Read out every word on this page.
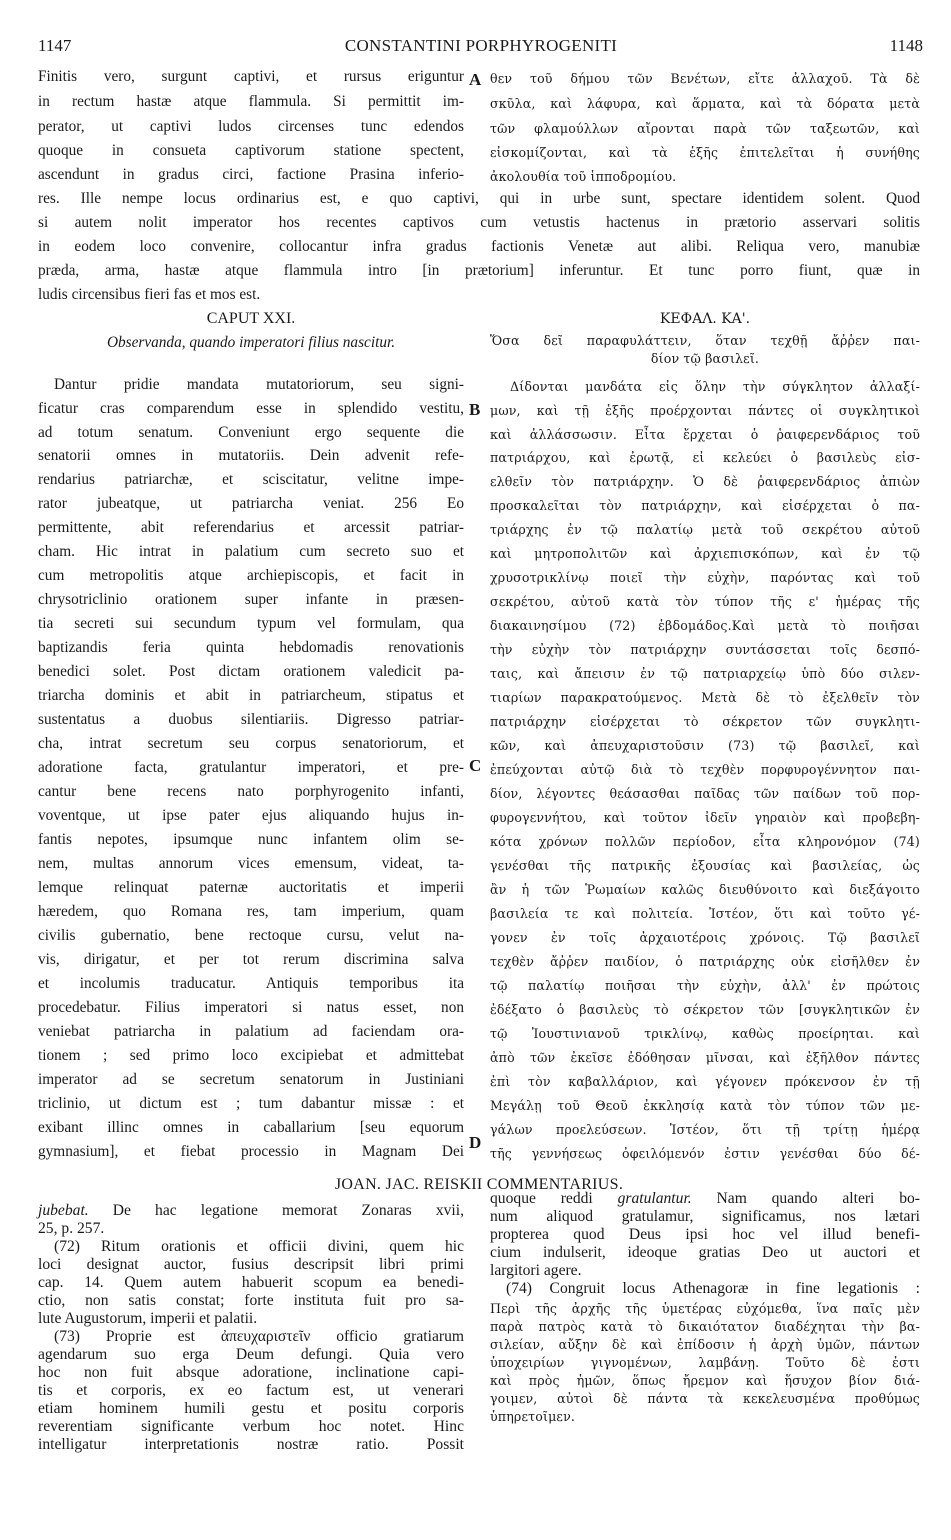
1147	CONSTANTINI PORPHYROGENITI	1148
Finitis vero, surgunt captivi, et rursus eriguntur
in rectum hastæ atque flammula. Si permittit im-
perator, ut captivi ludos circenses tunc edendos
quoque in consueta captivorum statione spectent,
ascendunt in gradus circi, factione Prasina inferio-
θεν τοῦ δήμου τῶν Βενέτων, εἴτε ἀλλαχοῦ. Τὰ δὲ
σκῦλα, καὶ λάφυρα, καὶ ἅρματα, καὶ τὰ δόρατα μετὰ
τῶν φλαμούλλων αἴρονται παρὰ τῶν ταξεωτῶν, καὶ
εἰσκομίζονται, καὶ τὰ ἑξῆς ἐπιτελεῖται ἡ συνήθης
ἀκολουθία τοῦ ἱπποδρομίου.
res. Ille nempe locus ordinarius est, e quo captivi, qui in urbe sunt, spectare identidem solent. Quod
si autem nolit imperator hos recentes captivos cum vetustis hactenus in prætorio asservari solitis
in eodem loco convenire, collocantur infra gradus factionis Venetæ aut alibi. Reliqua vero, manubiæ
præda, arma, hastæ atque flammula intro [in prætorium] inferuntur. Et tunc porro fiunt, quæ in
ludis circensibus fieri fas et mos est.
CAPUT XXI.
Observanda, quando imperatori filius nascitur.
ΚΕΦΑΛ. ΚΑ'.
Ὅσα δεῖ παραφυλάττειν, ὅταν τεχθῇ ἄῤῥεν παι-
δίον τῷ βασιλεῖ.
Dantur pridie mandata mutatoriorum, seu signi-
ficatur cras comparendum esse in splendido vestitu,
ad totum senatum. Conveniunt ergo sequente die
senatorii omnes in mutatoriis. Dein advenit refe-
rendarius patriarchæ, et sciscitatur, velitne impe-
rator jubeatque, ut patriarcha veniat. 256 Eo
permittente, abit referendarius et arcessit patriar-
cham. Hic intrat in palatium cum secreto suo et
cum metropolitis atque archiepiscopis, et facit in
chrysotriclinio orationem super infante in præsen-
tia secreti sui secundum typum vel formulam, qua
baptizandis feria quinta hebdomadis renovationis
benedici solet. Post dictam orationem valedicit pa-
triarcha dominis et abit in patriarcheum, stipatus et
sustentatus a duobus silentiariis. Digresso patriar-
cha, intrat secretum seu corpus senatoriorum, et
adoratione facta, gratulantur imperatori, et pre-
cantur bene recens nato porphyrogenito infanti,
voventque, ut ipse pater ejus aliquando hujus in-
fantis nepotes, ipsumque nunc infantem olim se-
nem, multas annorum vices emensum, videat, ta-
lemque relinquat paternæ auctoritatis et imperii
hæredem, quo Romana res, tam imperium, quam
civilis gubernatio, bene rectoque cursu, velut na-
vis, dirigatur, et per tot rerum discrimina salva
et incolumis traducatur. Antiquis temporibus ita
procedebatur. Filius imperatori si natus esset, non
veniebat patriarcha in palatium ad faciendam ora-
tionem ; sed primo loco excipiebat et admittebat
imperator ad se secretum senatorum in Justiniani
triclinio, ut dictum est ; tum dabantur missæ : et
exibant illinc omnes in caballarium [seu equorum
gymnasium], et fiebat processio in Magnam Dei
Δίδονται μανδάτα εἰς ὅλην τὴν σύγκλητον ἀλλαξί-
μων, καὶ τῇ ἑξῆς προέρχονται πάντες οἱ συγκλητικοὶ
καὶ ἀλλάσσωσιν. Εἶτα ἔρχεται ὁ ῥαιφερενδάριος τοῦ
πατριάρχου, καὶ ἐρωτᾷ, εἰ κελεύει ὁ βασιλεὺς εἰσ-
ελθεῖν τὸν πατριάρχην. Ὁ δὲ ῥαιφερενδάριος ἀπιὼν
προσκαλεῖται τὸν πατριάρχην, καὶ εἰσέρχεται ὁ πα-
τριάρχης ἐν τῷ παλατίῳ μετὰ τοῦ σεκρέτου αὐτοῦ
καὶ μητροπολιτῶν καὶ ἀρχιεπισκόπων, καὶ ἐν τῷ
χρυσοτρικλίνῳ ποιεῖ τὴν εὐχὴν, παρόντας καὶ τοῦ
σεκρέτου, αὐτοῦ κατὰ τὸν τύπον τῆς ε' ἡμέρας τῆς
διακαινησίμου (72) ἑβδομάδος.Καὶ μετὰ τὸ ποιῆσαι
τὴν εὐχὴν τὸν πατριάρχην συντάσσεται τοῖς δεσπό-
ταις, καὶ ἄπεισιν ἐν τῷ πατριαρχείῳ ὑπὸ δύο σιλεν-
τιαρίων παρακρατούμενος. Μετὰ δὲ τὸ ἐξελθεῖν τὸν
πατριάρχην εἰσέρχεται τὸ σέκρετον τῶν συγκλητι-
κῶν, καὶ ἀπευχαριστοῦσιν (73) τῷ βασιλεῖ, καὶ
ἐπεύχονται αὐτῷ διὰ τὸ τεχθὲν πορφυρογέννητον παι-
δίον, λέγοντες θεάσασθαι παῖδας τῶν παίδων τοῦ πορ-
φυρογεννήτου, καὶ τοῦτον ἰδεῖν γηραιὸν καὶ προβεβη-
κότα χρόνων πολλῶν περίοδον, εἶτα κληρονόμον (74)
γενέσθαι τῆς πατρικῆς ἐξουσίας καὶ βασιλείας, ὡς
ἂν ἡ τῶν Ῥωμαίων καλῶς διευθύνοιτο καὶ διεξάγοιτο
βασιλεία τε καὶ πολιτεία. Ἰστέον, ὅτι καὶ τοῦτο γέ-
γονεν ἐν τοῖς ἀρχαιοτέροις χρόνοις. Τῷ βασιλεῖ
τεχθὲν ἄῤῥεν παιδίον, ὁ πατριάρχης οὐκ εἰσῆλθεν ἐν
τῷ παλατίῳ ποιῆσαι τὴν εὐχὴν, ἀλλ' ἐν πρώτοις
ἐδέξατο ὁ βασιλεὺς τὸ σέκρετον τῶν [συγκλητικῶν ἐν
τῷ Ἰουστινιανοῦ τρικλίνῳ, καθὼς προείρηται. καὶ
ἀπὸ τῶν ἐκεῖσε ἐδόθησαν μῖνσαι, καὶ ἐξῆλθον πάντες
ἐπὶ τὸν καβαλλάριον, καὶ γέγονεν πρόκενσον ἐν τῇ
Μεγάλῃ τοῦ Θεοῦ ἐκκλησίᾳ κατὰ τὸν τύπον τῶν με-
γάλων προελεύσεων. Ἰστέον, ὅτι τῇ τρίτῃ ἡμέρᾳ
τῆς γεννήσεως ὀφειλόμενόν ἐστιν γενέσθαι δύο δέ-
A
B
C
D
JOAN. JAC. REISKII COMMENTARIUS.
jubebat. De hac legatione memorat Zonaras xvii,
25, p. 257.
(72) Ritum orationis et officii divini, quem hic
loci designat auctor, fusius descripsit libri primi
cap. 14. Quem autem habuerit scopum ea benedi-
ctio, non satis constat; forte instituta fuit pro sa-
lute Augustorum, imperii et palatii.
(73) Proprie est ἀπευχαριστεῖν officio gratiarum
agendarum suo erga Deum defungi. Quia vero
hoc non fuit absque adoratione, inclinatione capi-
tis et corporis, ex eo factum est, ut venerari
etiam hominem humili gestu et positu corporis
reverentiam significante verbum hoc notet. Hinc
intelligatur interpretationis nostræ ratio. Possit
quoque reddi gratulantur. Nam quando alteri bo-
num aliquod gratulamur, significamus, nos lætari
propterea quod Deus ipsi hoc vel illud benefi-
cium indulserit, ideoque gratias Deo ut auctori et
largitori agere.
(74) Congruit locus Athenagoræ in fine legationis :
Περὶ τῆς ἀρχῆς τῆς ὑμετέρας εὐχόμεθα, ἵνα παῖς μὲν
παρὰ πατρὸς κατὰ τὸ δικαιότατον διαδέχηται τὴν βα-
σιλείαν, αὔξην δὲ καὶ ἐπίδοσιν ἡ ἀρχὴ ὑμῶν, πάντων
ὑποχειρίων γιγνομένων, λαμβάνῃ. Τοῦτο δὲ ἐστι
καὶ πρὸς ἡμῶν, ὅπως ἤρεμον καὶ ἥσυχον βίον διά-
γοιμεν, αὐτοὶ δὲ πάντα τὰ κεκελευσμένα προθύμως
ὑπηρετοῖμεν.
